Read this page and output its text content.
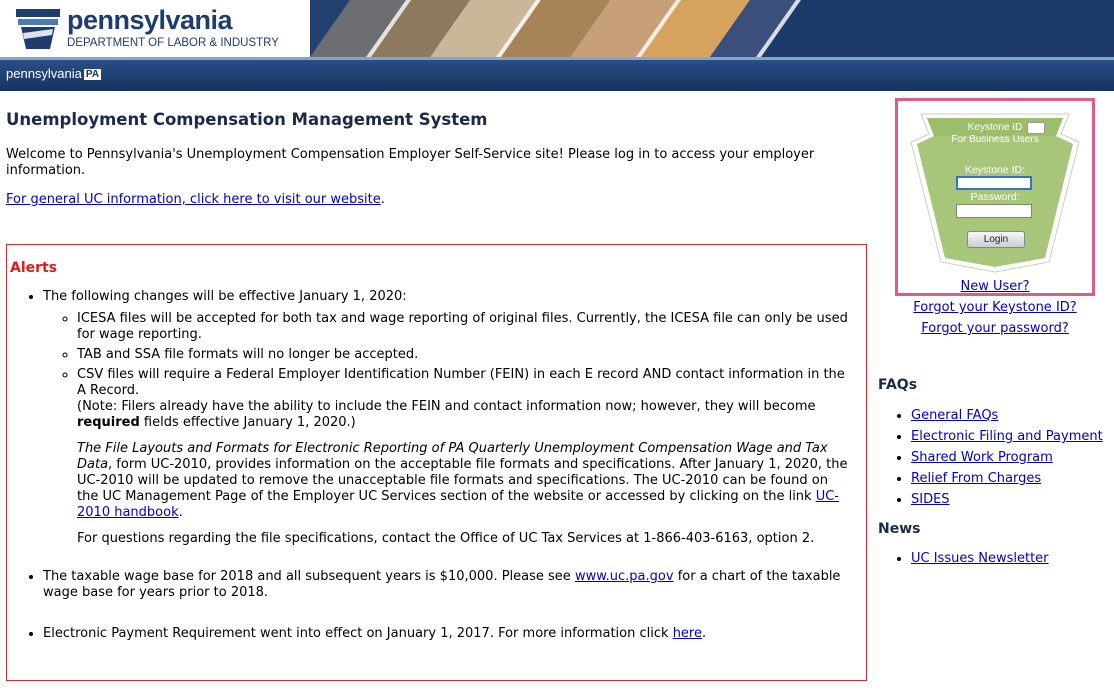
pennsylvania
DEPARTMENT OF LABOR & INDUSTRY
pennsylvania PA
Unemployment Compensation Management System
Welcome to Pennsylvania's Unemployment Compensation Employer Self-Service site! Please log in to access your employer information.
For general UC information, click here to visit our website.
Alerts
• The following changes will be effective January 1, 2020:
◦ ICESA files will be accepted for both tax and wage reporting of original files. Currently, the ICESA file can only be used for wage reporting.
◦ TAB and SSA file formats will no longer be accepted.
◦ CSV files will require a Federal Employer Identification Number (FEIN) in each E record AND contact information in the A Record.

(Note: Filers already have the ability to include the FEIN and contact information now; however, they will become
required fields effective January 1, 2020.)

The File Layouts and Formats for Electronic Reporting of PA Quarterly Unemployment Compensation Wage and Tax Data, form UC-2010, provides information on the acceptable file formats and specifications. After January 1, 2020, the UC-2010 will be updated to remove the unacceptable file formats and specifications. The UC-2010 can be found on the UC Management Page of the Employer UC Services section of the website or accessed by clicking on the link UC-2010 handbook.

For questions regarding the file specifications, contact the Office of UC Tax Services at 1-866-403-6163, option 2.

• The taxable wage base for 2018 and all subsequent years is $10,000. Please see www.uc.pa.gov for a chart of the taxable wage base for years prior to 2018.
• Electronic Payment Requirement went into effect on January 1, 2017. For more information click here.
Keystone ID
For Business Users
Keystone ID:
Password:
Login
New User?
Forgot your Keystone ID?
Forgot your password?
FAQs
• General FAQs
• Electronic Filing and Payment
• Shared Work Program
• Relief From Charges
• SIDES
News
• UC Issues Newsletter
